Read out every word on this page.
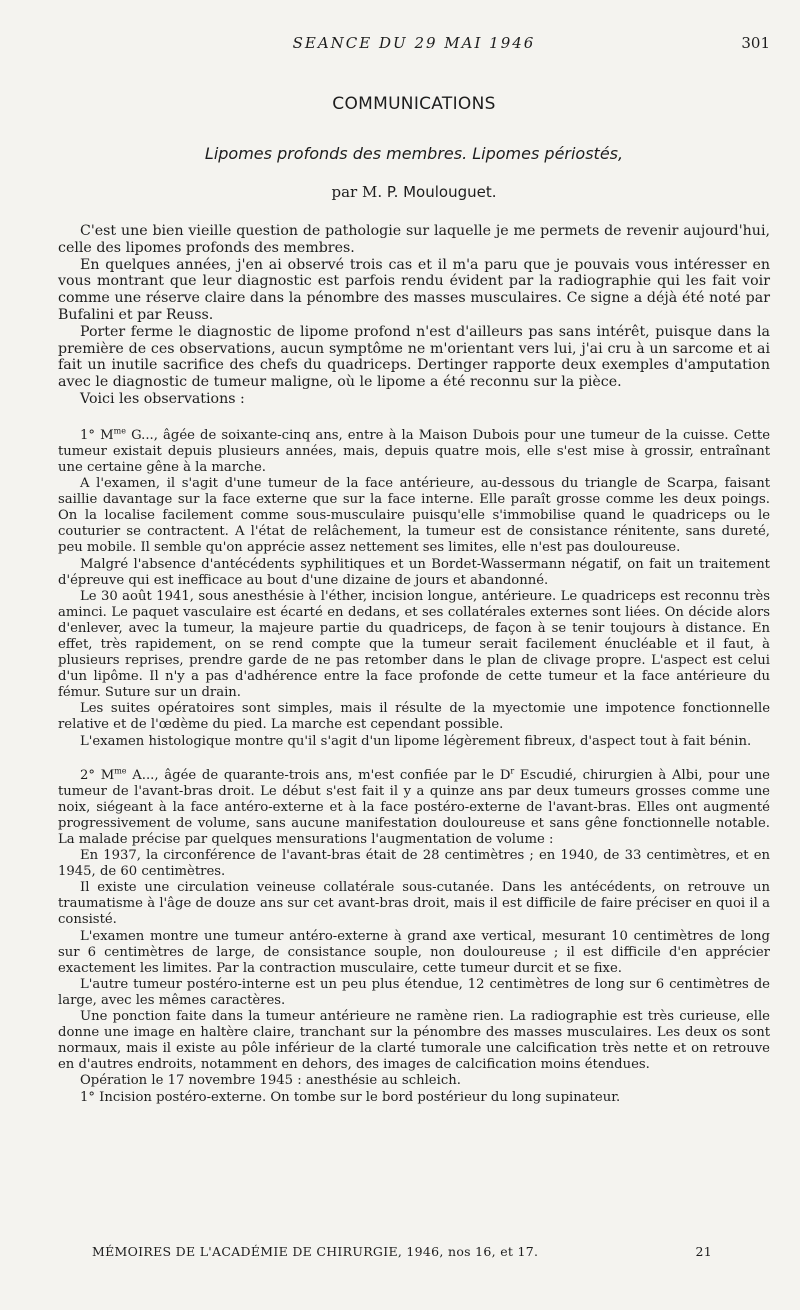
SEANCE DU 29 MAI 1946	301
COMMUNICATIONS
Lipomes profonds des membres. Lipomes périostés,
par M. P. Moulouguet.

C'est une bien vieille question de pathologie sur laquelle je me permets de revenir aujourd'hui, celle des lipomes profonds des membres.

En quelques années, j'en ai observé trois cas et il m'a paru que je pouvais vous intéresser en vous montrant que leur diagnostic est parfois rendu évident par la radiographie qui les fait voir comme une réserve claire dans la pénombre des masses musculaires. Ce signe a déjà été noté par Bufalini et par Reuss.

Porter ferme le diagnostic de lipome profond n'est d'ailleurs pas sans intérêt, puisque dans la première de ces observations, aucun symptôme ne m'orientant vers lui, j'ai cru à un sarcome et ai fait un inutile sacrifice des chefs du quadriceps. Dertinger rapporte deux exemples d'amputation avec le diagnostic de tumeur maligne, où le lipome a été reconnu sur la pièce.

Voici les observations :

1° $M^{me}$ G..., âgée de soixante-cinq ans, entre à la Maison Dubois pour une tumeur de la cuisse. Cette tumeur existait depuis plusieurs années, mais, depuis quatre mois, elle s'est mise à grossir, entraînant une certaine gêne à la marche.

A l'examen, il s'agit d'une tumeur de la face antérieure, au-dessous du triangle de Scarpa, faisant saillie davantage sur la face externe que sur la face interne. Elle paraît grosse comme les deux poings. On la localise facilement comme sous-musculaire puisqu'elle s'immobilise quand le quadriceps ou le couturier se contractent. A l'état de relâchement, la tumeur est de consistance rénitente, sans dureté, peu mobile. Il semble qu'on apprécie assez nettement ses limites, elle n'est pas douloureuse.

Malgré l'absence d'antécédents syphilitiques et un Bordet-Wassermann négatif, on fait un traitement d'épreuve qui est inefficace au bout d'une dizaine de jours et abandonné.

Le 30 août 1941, sous anesthésie à l'éther, incision longue, antérieure. Le quadriceps est reconnu très aminci. Le paquet vasculaire est écarté en dedans, et ses collatérales externes sont liées. On décide alors d'enlever, avec la tumeur, la majeure partie du quadriceps, de façon à se tenir toujours à distance. En effet, très rapidement, on se rend compte que la tumeur serait facilement énucléable et il faut, à plusieurs reprises, prendre garde de ne pas retomber dans le plan de clivage propre. L'aspect est celui d'un lipôme. Il n'y a pas d'adhérence entre la face profonde de cette tumeur et la face antérieure du fémur. Suture sur un drain.

Les suites opératoires sont simples, mais il résulte de la myectomie une impotence fonctionnelle relative et de l'œdème du pied. La marche est cependant possible.

L'examen histologique montre qu'il s'agit d'un lipome légèrement fibreux, d'aspect tout à fait bénin.

2° $M^{me}$ A..., âgée de quarante-trois ans, m'est confiée par le $D^r$ Escudié, chirurgien à Albi, pour une tumeur de l'avant-bras droit. Le début s'est fait il y a quinze ans par deux tumeurs grosses comme une noix, siégeant à la face antéro-externe et à la face postéro-externe de l'avant-bras. Elles ont augmenté progressivement de volume, sans aucune manifestation douloureuse et sans gêne fonctionnelle notable. La malade précise par quelques mensurations l'augmentation de volume :

En 1937, la circonférence de l'avant-bras était de 28 centimètres ; en 1940, de 33 centimètres, et en 1945, de 60 centimètres.

Il existe une circulation veineuse collatérale sous-cutanée. Dans les antécédents, on retrouve un traumatisme à l'âge de douze ans sur cet avant-bras droit, mais il est difficile de faire préciser en quoi il a consisté.

L'examen montre une tumeur antéro-externe à grand axe vertical, mesurant 10 centimètres de long sur 6 centimètres de large, de consistance souple, non douloureuse ; il est difficile d'en apprécier exactement les limites. Par la contraction musculaire, cette tumeur durcit et se fixe.

L'autre tumeur postéro-interne est un peu plus étendue, 12 centimètres de long sur 6 centimètres de large, avec les mêmes caractères.

Une ponction faite dans la tumeur antérieure ne ramène rien. La radiographie est très curieuse, elle donne une image en haltère claire, tranchant sur la pénombre des masses musculaires. Les deux os sont normaux, mais il existe au pôle inférieur de la clarté tumorale une calcification très nette et on retrouve en d'autres endroits, notamment en dehors, des images de calcification moins étendues.

Opération le 17 novembre 1945 : anesthésie au schleich.

1° Incision postéro-externe. On tombe sur le bord postérieur du long supinateur.

MÉMOIRES DE L'ACADÉMIE DE CHIRURGIE, 1946, nos 16, et 17.	21
